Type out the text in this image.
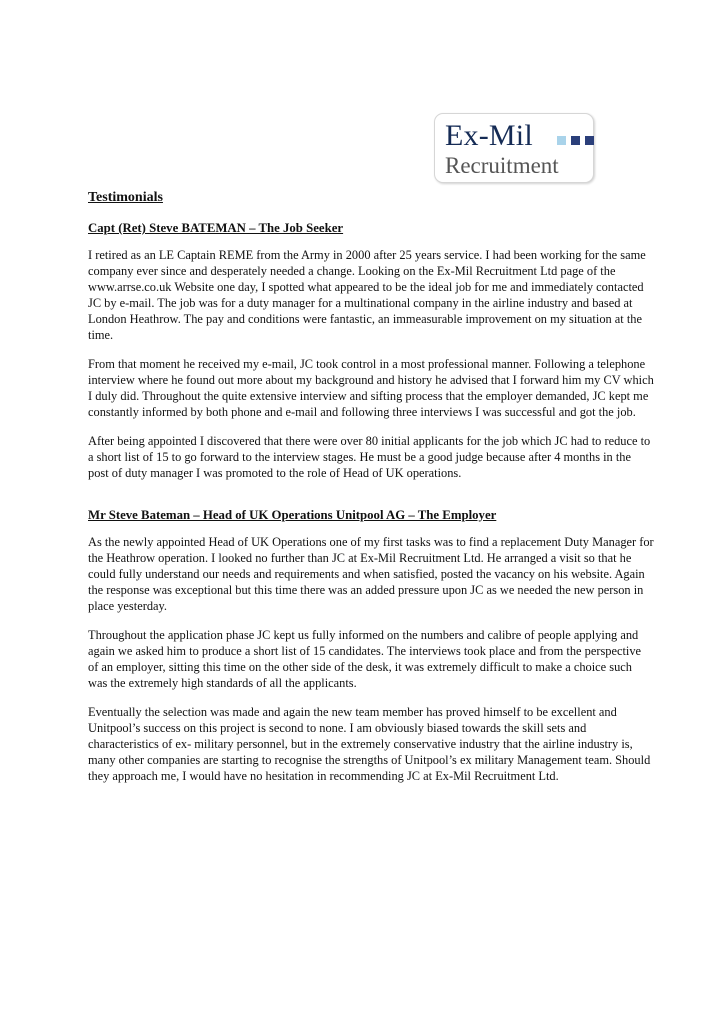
Ex-Mil
Recruitment
Testimonials
Capt (Ret) Steve BATEMAN – The Job Seeker

I retired as an LE Captain REME from the Army in 2000 after 25 years service. I had been working for the same company ever since and desperately needed a change. Looking on the Ex-Mil Recruitment Ltd page of the www.arrse.co.uk Website one day, I spotted what appeared to be the ideal job for me and immediately contacted JC by e-mail. The job was for a duty manager for a multinational company in the airline industry and based at London Heathrow. The pay and conditions were fantastic, an immeasurable improvement on my situation at the time.

From that moment he received my e-mail, JC took control in a most professional manner. Following a telephone interview where he found out more about my background and history he advised that I forward him my CV which I duly did. Throughout the quite extensive interview and sifting process that the employer demanded, JC kept me constantly informed by both phone and e-mail and following three interviews I was successful and got the job.

After being appointed I discovered that there were over 80 initial applicants for the job which JC had to reduce to a short list of 15 to go forward to the interview stages. He must be a good judge because after 4 months in the post of duty manager I was promoted to the role of Head of UK operations.

Mr Steve Bateman – Head of UK Operations Unitpool AG – The Employer

As the newly appointed Head of UK Operations one of my first tasks was to find a replacement Duty Manager for the Heathrow operation. I looked no further than JC at Ex-Mil Recruitment Ltd. He arranged a visit so that he could fully understand our needs and requirements and when satisfied, posted the vacancy on his website. Again the response was exceptional but this time there was an added pressure upon JC as we needed the new person in place yesterday.

Throughout the application phase JC kept us fully informed on the numbers and calibre of people applying and again we asked him to produce a short list of 15 candidates. The interviews took place and from the perspective of an employer, sitting this time on the other side of the desk, it was extremely difficult to make a choice such was the extremely high standards of all the applicants.

Eventually the selection was made and again the new team member has proved himself to be excellent and Unitpool’s success on this project is second to none. I am obviously biased towards the skill sets and characteristics of ex- military personnel, but in the extremely conservative industry that the airline industry is, many other companies are starting to recognise the strengths of Unitpool’s ex military Management team. Should they approach me, I would have no hesitation in recommending JC at Ex-Mil Recruitment Ltd.
